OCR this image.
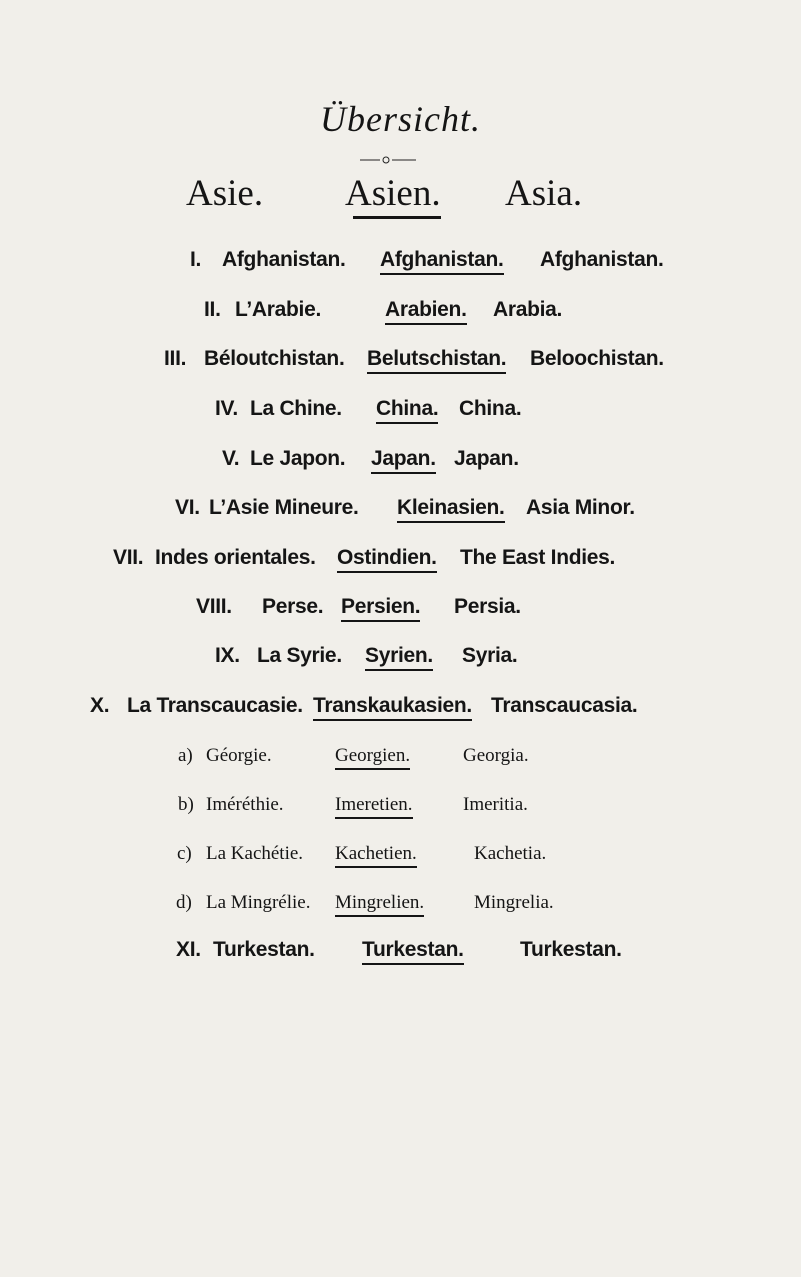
Übersicht.
Asie. Asien. Asia.
I. Afghanistan. Afghanistan. Afghanistan.
II. L’Arabie.	Arabien. Arabia.
III. Béloutchistan. Belutschistan. Beloochistan.
IV. La Chine. China. China.
V. Le Japon. Japan. Japan.
VI. L’Asie Mineure. Kleinasien. Asia Minor.
VII. Indes orientales. Ostindien. The East Indies.
VIII. Perse. Persien. Persia.
IX. La Syrie. Syrien. Syria.
X. La Transcaucasie. Transkaukasien. Transcaucasia.
a) Géorgie.	Georgien.	Georgia.
b) Iméréthie.	Imeretien.	Imeritia.
c) La Kachétie. Kachetien.	Kachetia.
d) La Mingrélie. Mingrelien.	Mingrelia.
XI. Turkestan. Turkestan.	Turkestan.
